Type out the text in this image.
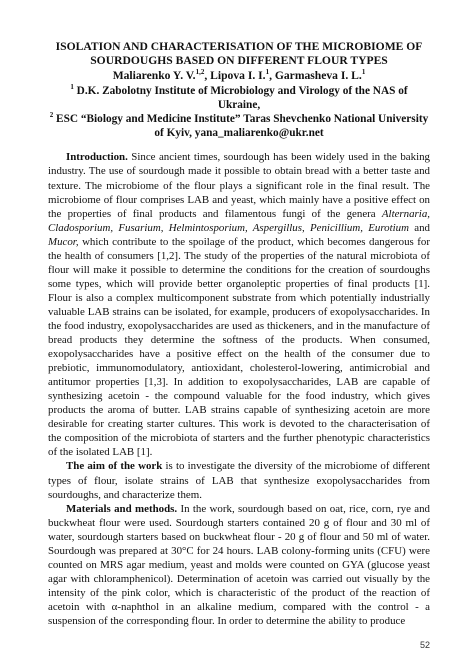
ISOLATION AND CHARACTERISATION OF THE MICROBIOME OF SOURDOUGHS BASED ON DIFFERENT FLOUR TYPES
Maliarenko Y. V.$^{1,2}$, Lipova I. I.$^1$, Garmasheva I. L.$^1$
$^1$ D.K. Zabolotny Institute of Microbiology and Virology of the NAS of Ukraine,
$^2$ ESC “Biology and Medicine Institute” Taras Shevchenko National University of Kyiv, yana_maliarenko@ukr.net

Introduction. Since ancient times, sourdough has been widely used in the baking industry. The use of sourdough made it possible to obtain bread with a better taste and texture. The microbiome of the flour plays a significant role in the final result. The microbiome of flour comprises LAB and yeast, which mainly have a positive effect on the properties of final products and filamentous fungi of the genera Alternaria, Cladosporium, Fusarium, Helmintosporium, Aspergillus, Penicillium, Eurotium and Mucor, which contribute to the spoilage of the product, which becomes dangerous for the health of consumers [1,2]. The study of the properties of the natural microbiota of flour will make it possible to determine the conditions for the creation of sourdoughs some types, which will provide better organoleptic properties of final products [1]. Flour is also a complex multicomponent substrate from which potentially industrially valuable LAB strains can be isolated, for example, producers of exopolysaccharides. In the food industry, exopolysaccharides are used as thickeners, and in the manufacture of bread products they determine the softness of the products. When consumed, exopolysaccharides have a positive effect on the health of the consumer due to prebiotic, immunomodulatory, antioxidant, cholesterol-lowering, antimicrobial and antitumor properties [1,3]. In addition to exopolysaccharides, LAB are capable of synthesizing acetoin - the compound valuable for the food industry, which gives products the aroma of butter. LAB strains capable of synthesizing acetoin are more desirable for creating starter cultures. This work is devoted to the characterisation of the composition of the microbiota of starters and the further phenotypic characteristics of the isolated LAB [1].

The aim of the work is to investigate the diversity of the microbiome of different types of flour, isolate strains of LAB that synthesize exopolysaccharides from sourdoughs, and characterize them.

Materials and methods. In the work, sourdough based on oat, rice, corn, rye and buckwheat flour were used. Sourdough starters contained 20 g of flour and 30 ml of water, sourdough starters based on buckwheat flour - 20 g of flour and 50 ml of water. Sourdough was prepared at 30°C for 24 hours. LAB colony-forming units (CFU) were counted on MRS agar medium, yeast and molds were counted on GYA (glucose yeast agar with chloramphenicol). Determination of acetoin was carried out visually by the intensity of the pink color, which is characteristic of the product of the reaction of acetoin with α-naphthol in an alkaline medium, compared with the control - a suspension of the corresponding flour. In order to determine the ability to produce

52
